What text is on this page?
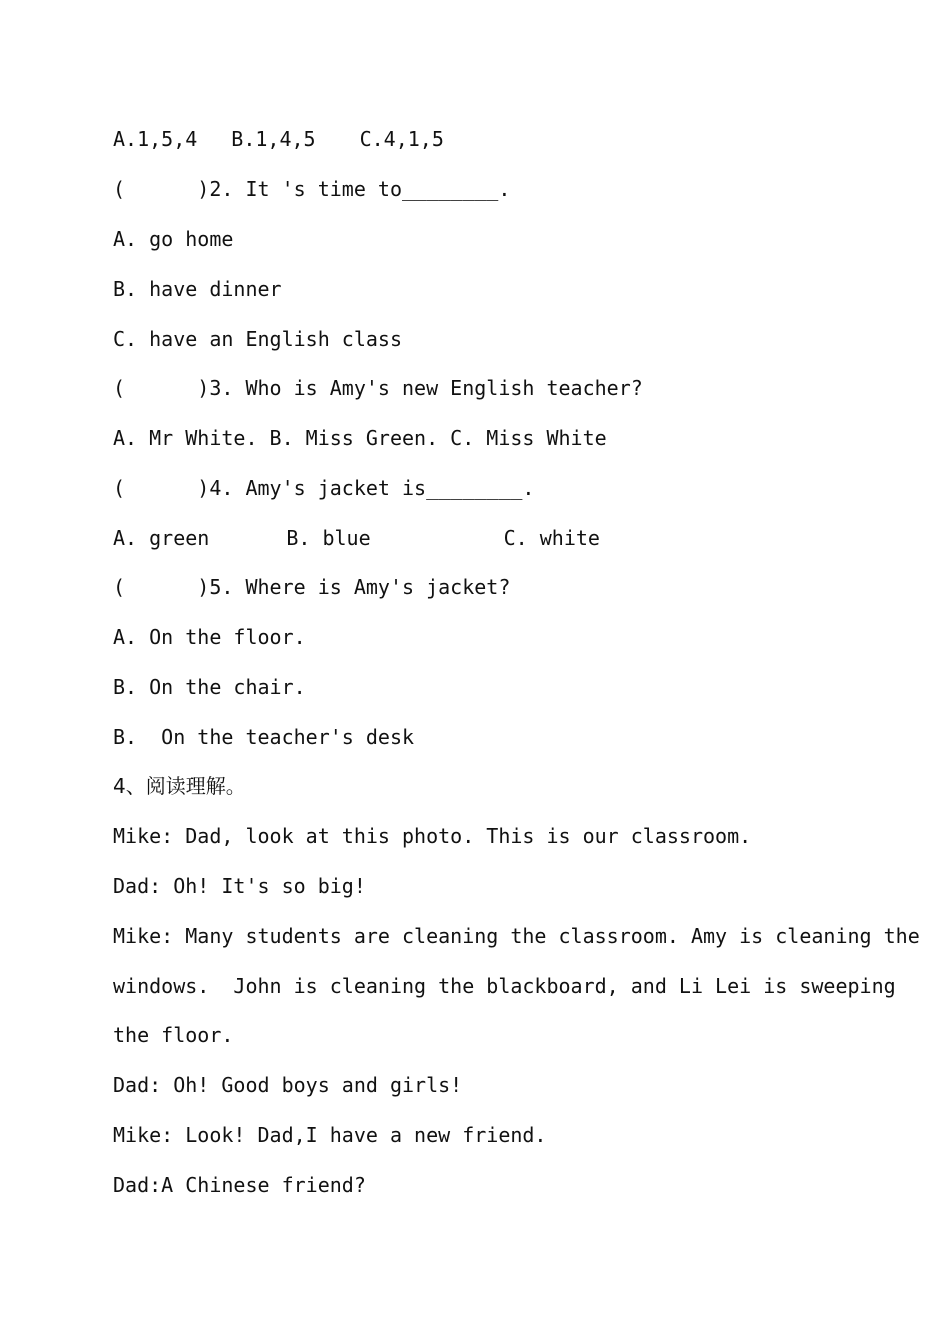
A.1,5,4 B.1,4,5 C.4,1,5

(      )2. It 's time to________.

A. go home

B. have dinner

C. have an English class

(      )3. Who is Amy's new English teacher?

A. Mr White. B. Miss Green. C. Miss White

(      )4. Amy's jacket is________.

A. green	B. blue	C. white

(      )5. Where is Amy's jacket?

A. On the floor.

B. On the chair.

B.  On the teacher's desk

4、阅读理解。

Mike: Dad, look at this photo. This is our classroom.

Dad: Oh! It's so big!

Mike: Many students are cleaning the classroom. Amy is cleaning the

windows.  John is cleaning the blackboard, and Li Lei is sweeping

the floor.

Dad: Oh! Good boys and girls!

Mike: Look! Dad,I have a new friend.

Dad:A Chinese friend?
